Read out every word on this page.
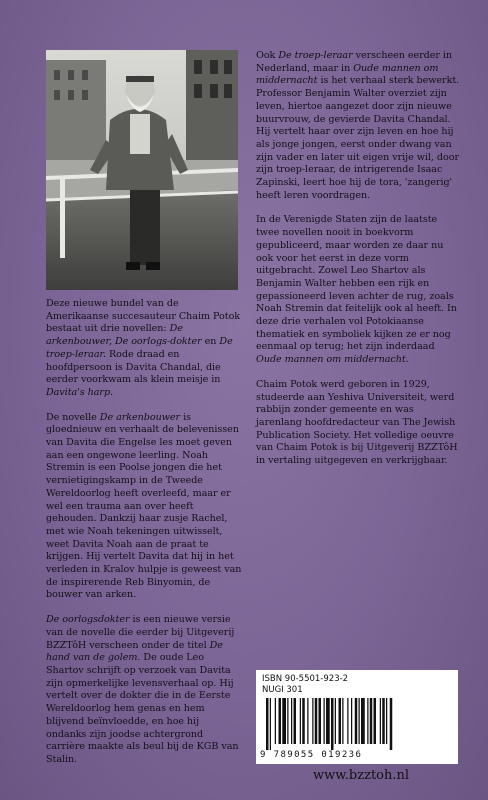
Deze nieuwe bundel van de Amerikaanse succesauteur Chaim Potok bestaat uit drie novellen: De arkenbouwer, De oorlogs-dokter en De troep-leraar. Rode draad en hoofdpersoon is Davita Chandal, die eerder voorkwam als klein meisje in Davita's harp.

De novelle De arkenbouwer is gloednieuw en verhaalt de belevenissen van Davita die Engelse les moet geven aan een ongewone leerling. Noah Stremin is een Poolse jongen die het vernietigingskamp in de Tweede Wereldoorlog heeft overleefd, maar er wel een trauma aan over heeft gehouden. Dankzij haar zusje Rachel, met wie Noah tekeningen uitwisselt, weet Davita Noah aan de praat te krijgen. Hij vertelt Davita dat hij in het verleden in Kralov hulpje is geweest van de inspirerende Reb Binyomin, de bouwer van arken.

De oorlogsdokter is een nieuwe versie van de novelle die eerder bij Uitgeverij BZZTôH verscheen onder de titel De hand van de golem. De oude Leo Shartov schrijft op verzoek van Davita zijn opmerkelijke levensverhaal op. Hij vertelt over de dokter die in de Eerste Wereldoorlog hem genas en hem blijvend beïnvloedde, en hoe hij ondanks zijn joodse achtergrond carrière maakte als beul bij de KGB van Stalin.

Ook De troep-leraar verscheen eerder in Nederland, maar in Oude mannen om middernacht is het verhaal sterk bewerkt. Professor Benjamin Walter overziet zijn leven, hiertoe aangezet door zijn nieuwe buurvrouw, de gevierde Davita Chandal. Hij vertelt haar over zijn leven en hoe hij als jonge jongen, eerst onder dwang van zijn vader en later uit eigen vrije wil, door zijn troep-leraar, de intrigerende Isaac Zapinski, leert hoe hij de tora, 'zangerig' heeft leren voordragen.

In de Verenigde Staten zijn de laatste twee novellen nooit in boekvorm gepubliceerd, maar worden ze daar nu ook voor het eerst in deze vorm uitgebracht. Zowel Leo Shartov als Benjamin Walter hebben een rijk en gepassioneerd leven achter de rug, zoals Noah Stremin dat feitelijk ook al heeft. In deze drie verhalen vol Potokiaanse thematiek en symboliek kijken ze er nog eenmaal op terug; het zijn inderdaad Oude mannen om middernacht.

Chaim Potok werd geboren in 1929, studeerde aan Yeshiva Universiteit, werd rabbijn zonder gemeente en was jarenlang hoofdredacteur van The Jewish Publication Society. Het volledige oeuvre van Chaim Potok is bij Uitgeverij BZZTôH in vertaling uitgegeven en verkrijgbaar.

ISBN 90-5501-923-2
NUGI 301
9 789055 019236
www.bzztoh.nl
